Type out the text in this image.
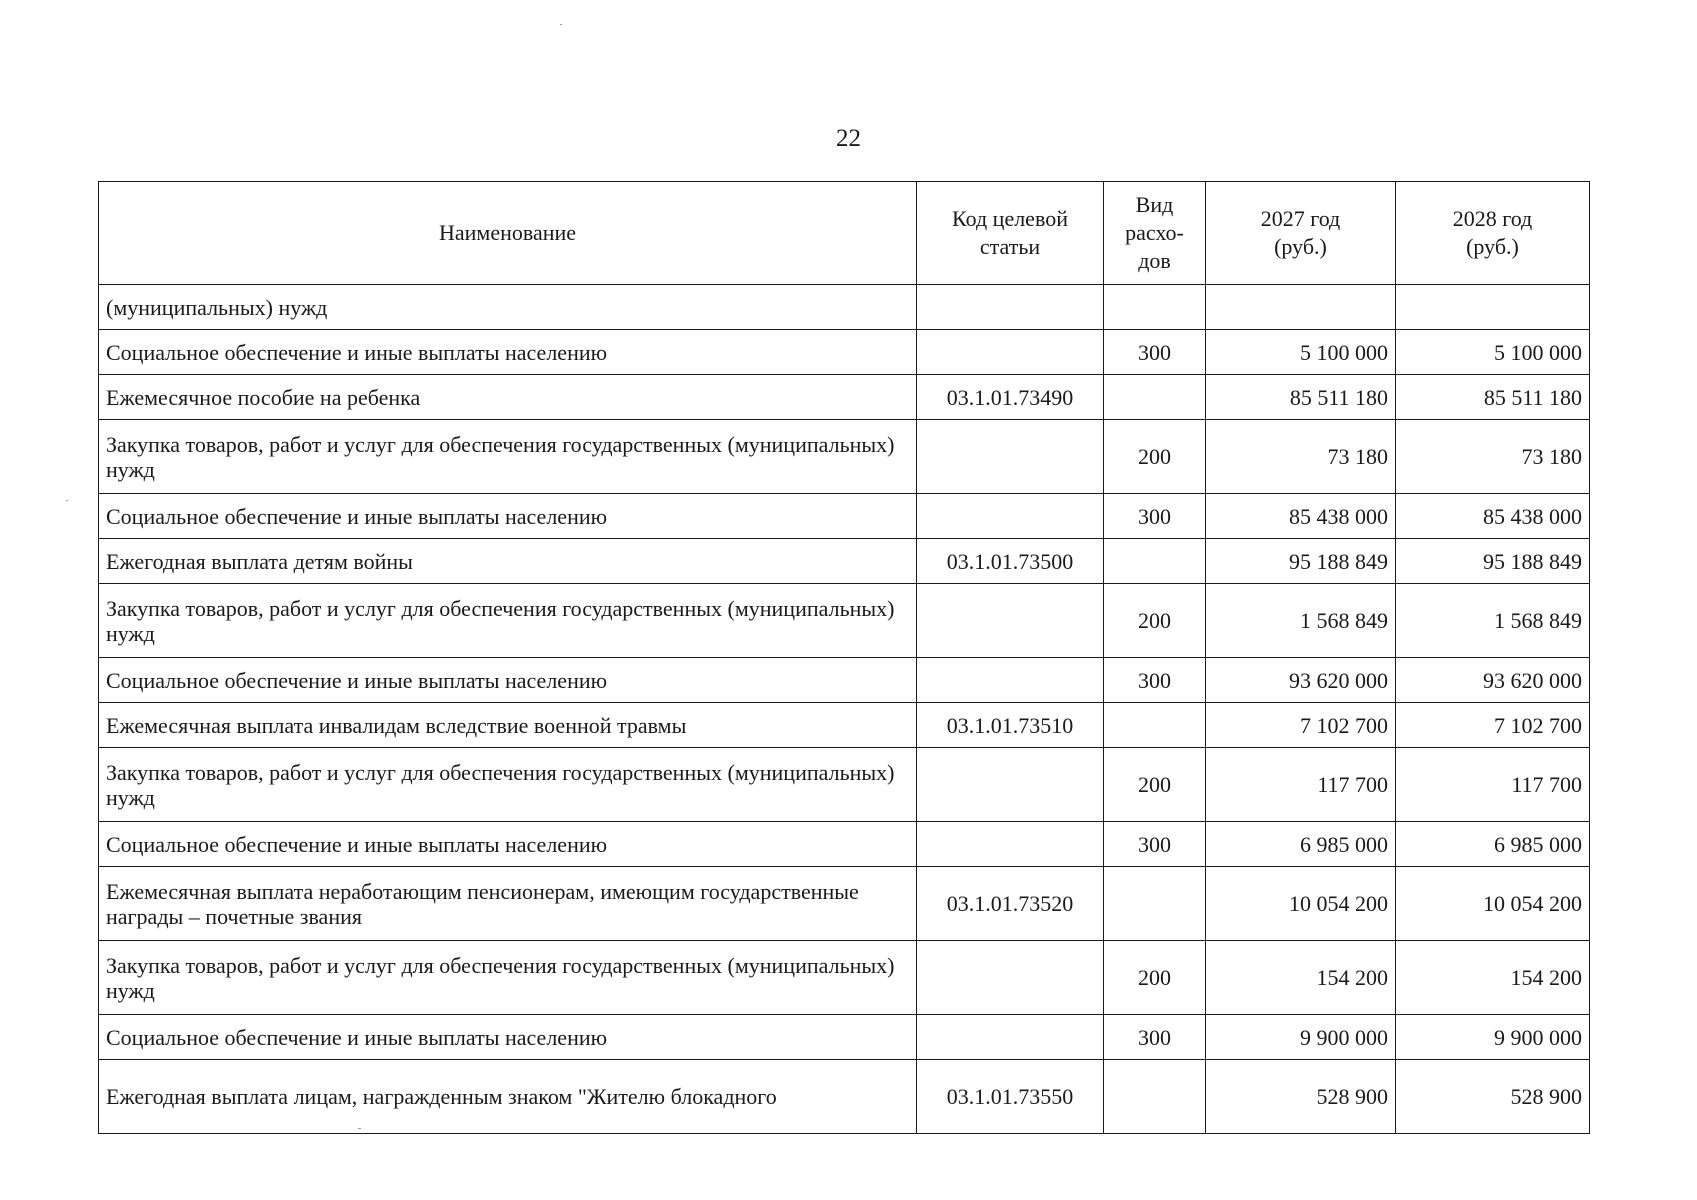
22
Наименование	Код целевой статьи	Вид расхо-дов	2027 год (руб.)	2028 год (руб.)
(муниципальных) нужд				
Социальное обеспечение и иные выплаты населению		300	5 100 000	5 100 000
Ежемесячное пособие на ребенка	03.1.01.73490		85 511 180	85 511 180
Закупка товаров, работ и услуг для обеспечения государственных (муниципальных) нужд		200	73 180	73 180
Социальное обеспечение и иные выплаты населению		300	85 438 000	85 438 000
Ежегодная выплата детям войны	03.1.01.73500		95 188 849	95 188 849
Закупка товаров, работ и услуг для обеспечения государственных (муниципальных) нужд		200	1 568 849	1 568 849
Социальное обеспечение и иные выплаты населению		300	93 620 000	93 620 000
Ежемесячная выплата инвалидам вследствие военной травмы	03.1.01.73510		7 102 700	7 102 700
Закупка товаров, работ и услуг для обеспечения государственных (муниципальных) нужд		200	117 700	117 700
Социальное обеспечение и иные выплаты населению		300	6 985 000	6 985 000
Ежемесячная выплата неработающим пенсионерам, имеющим государственные награды – почетные звания	03.1.01.73520		10 054 200	10 054 200
Закупка товаров, работ и услуг для обеспечения государственных (муниципальных) нужд		200	154 200	154 200
Социальное обеспечение и иные выплаты населению		300	9 900 000	9 900 000
Ежегодная выплата лицам, награжденным знаком "Жителю блокадного	03.1.01.73550		528 900	528 900
